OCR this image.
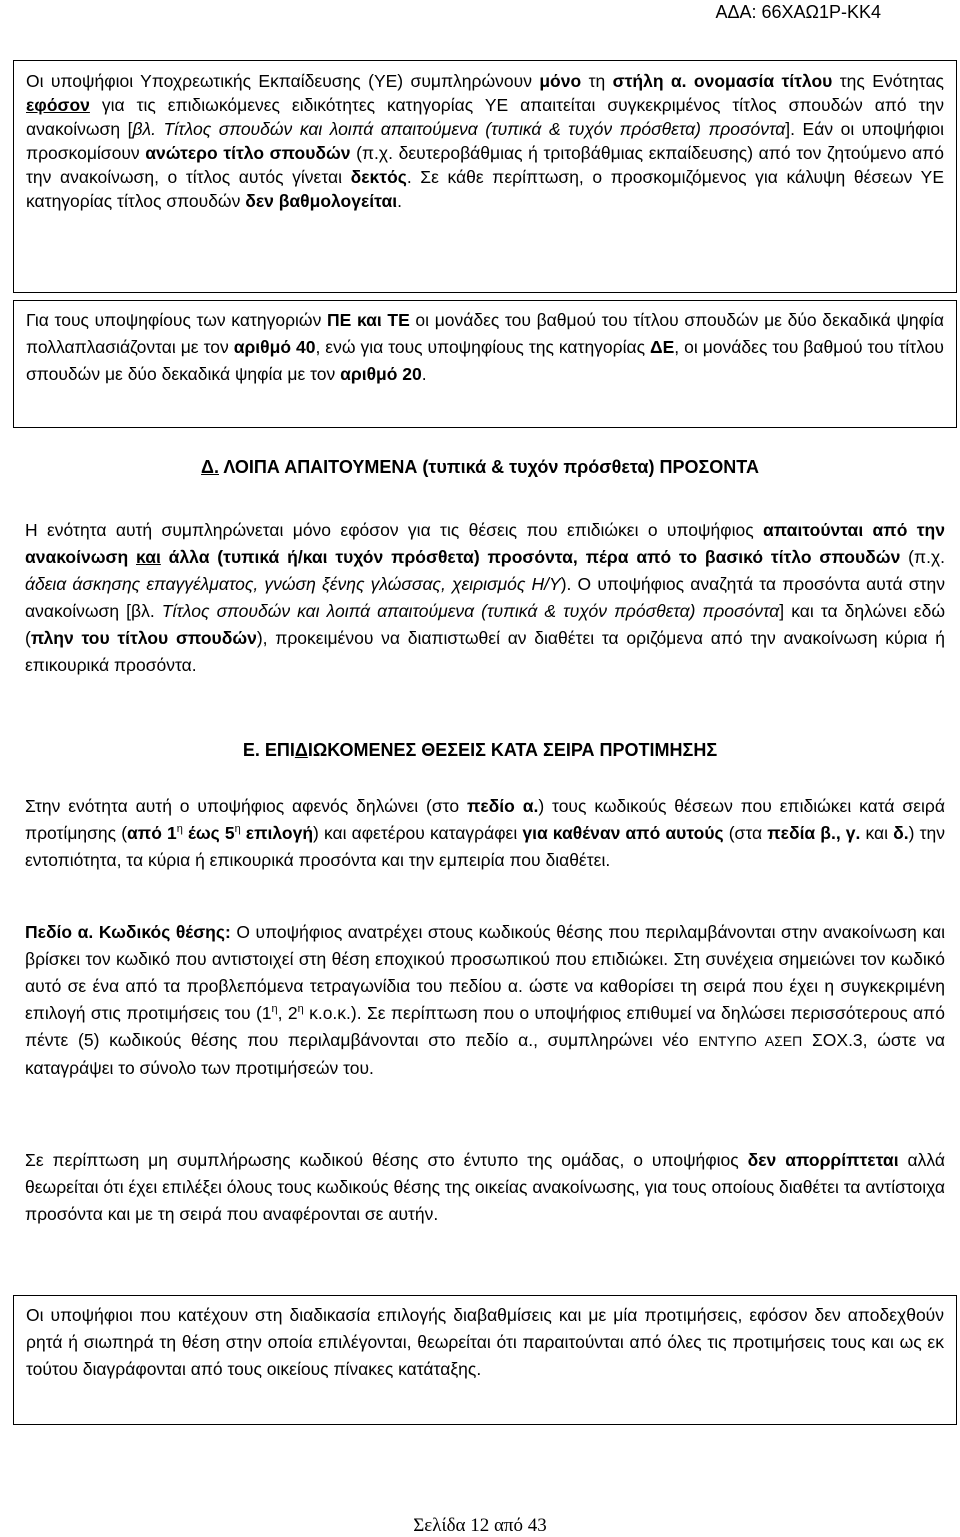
ΑΔΑ: 66ΧΑΩ1Ρ-ΚΚ4

Οι υποψήφιοι Υποχρεωτικής Εκπαίδευσης (ΥΕ) συμπληρώνουν μόνο τη στήλη α. ονομασία τίτλου της Ενότητας εφόσον για τις επιδιωκόμενες ειδικότητες κατηγορίας ΥΕ απαιτείται συγκεκριμένος τίτλος σπουδών από την ανακοίνωση [βλ. Τίτλος σπουδών και λοιπά απαιτούμενα (τυπικά & τυχόν πρόσθετα) προσόντα]. Εάν οι υποψήφιοι προσκομίσουν ανώτερο τίτλο σπουδών (π.χ. δευτεροβάθμιας ή τριτοβάθμιας εκπαίδευσης) από τον ζητούμενο από την ανακοίνωση, ο τίτλος αυτός γίνεται δεκτός. Σε κάθε περίπτωση, ο προσκομιζόμενος για κάλυψη θέσεων ΥΕ κατηγορίας τίτλος σπουδών δεν βαθμολογείται.

Για τους υποψηφίους των κατηγοριών ΠΕ και ΤΕ οι μονάδες του βαθμού του τίτλου σπουδών με δύο δεκαδικά ψηφία πολλαπλασιάζονται με τον αριθμό 40, ενώ για τους υποψηφίους της κατηγορίας ΔΕ, οι μονάδες του βαθμού του τίτλου σπουδών με δύο δεκαδικά ψηφία με τον αριθμό 20.

Δ. ΛΟΙΠΑ ΑΠΑΙΤΟΥΜΕΝΑ (τυπικά & τυχόν πρόσθετα) ΠΡΟΣΟΝΤΑ

Η ενότητα αυτή συμπληρώνεται μόνο εφόσον για τις θέσεις που επιδιώκει ο υποψήφιος απαιτούνται από την ανακοίνωση και άλλα (τυπικά ή/και τυχόν πρόσθετα) προσόντα, πέρα από το βασικό τίτλο σπουδών (π.χ. άδεια άσκησης επαγγέλματος, γνώση ξένης γλώσσας, χειρισμός Η/Υ). Ο υποψήφιος αναζητά τα προσόντα αυτά στην ανακοίνωση [βλ. Τίτλος σπουδών και λοιπά απαιτούμενα (τυπικά & τυχόν πρόσθετα) προσόντα] και τα δηλώνει εδώ (πλην του τίτλου σπουδών), προκειμένου να διαπιστωθεί αν διαθέτει τα οριζόμενα από την ανακοίνωση κύρια ή επικουρικά προσόντα.

Ε. ΕΠΙΔΙΩΚΟΜΕΝΕΣ ΘΕΣΕΙΣ ΚΑΤΑ ΣΕΙΡΑ ΠΡΟΤΙΜΗΣΗΣ

Στην ενότητα αυτή ο υποψήφιος αφενός δηλώνει (στο πεδίο α.) τους κωδικούς θέσεων που επιδιώκει κατά σειρά προτίμησης (από $1^\eta$ έως $5^\eta$ επιλογή) και αφετέρου καταγράφει για καθέναν από αυτούς (στα πεδία β., γ. και δ.) την εντοπιότητα, τα κύρια ή επικουρικά προσόντα και την εμπειρία που διαθέτει.

Πεδίο α. Κωδικός θέσης: Ο υποψήφιος ανατρέχει στους κωδικούς θέσης που περιλαμβάνονται στην ανακοίνωση και βρίσκει τον κωδικό που αντιστοιχεί στη θέση εποχικού προσωπικού που επιδιώκει. Στη συνέχεια σημειώνει τον κωδικό αυτό σε ένα από τα προβλεπόμενα τετραγωνίδια του πεδίου α. ώστε να καθορίσει τη σειρά που έχει η συγκεκριμένη επιλογή στις προτιμήσεις του ($1^\eta$, $2^\eta$ κ.ο.κ.). Σε περίπτωση που ο υποψήφιος επιθυμεί να δηλώσει περισσότερους από πέντε (5) κωδικούς θέσης που περιλαμβάνονται στο πεδίο α., συμπληρώνει νέο ΕΝΤΥΠΟ ΑΣΕΠ ΣΟΧ.3, ώστε να καταγράψει το σύνολο των προτιμήσεών του.

Σε περίπτωση μη συμπλήρωσης κωδικού θέσης στο έντυπο της ομάδας, ο υποψήφιος δεν απορρίπτεται αλλά θεωρείται ότι έχει επιλέξει όλους τους κωδικούς θέσης της οικείας ανακοίνωσης, για τους οποίους διαθέτει τα αντίστοιχα προσόντα και με τη σειρά που αναφέρονται σε αυτήν.

Οι υποψήφιοι που κατέχουν στη διαδικασία επιλογής διαβαθμίσεις και με μία προτιμήσεις, εφόσον δεν αποδεχθούν ρητά ή σιωπηρά τη θέση στην οποία επιλέγονται, θεωρείται ότι παραιτούνται από όλες τις προτιμήσεις τους και ως εκ τούτου διαγράφονται από τους οικείους πίνακες κατάταξης.

Σελίδα 12 από 43
